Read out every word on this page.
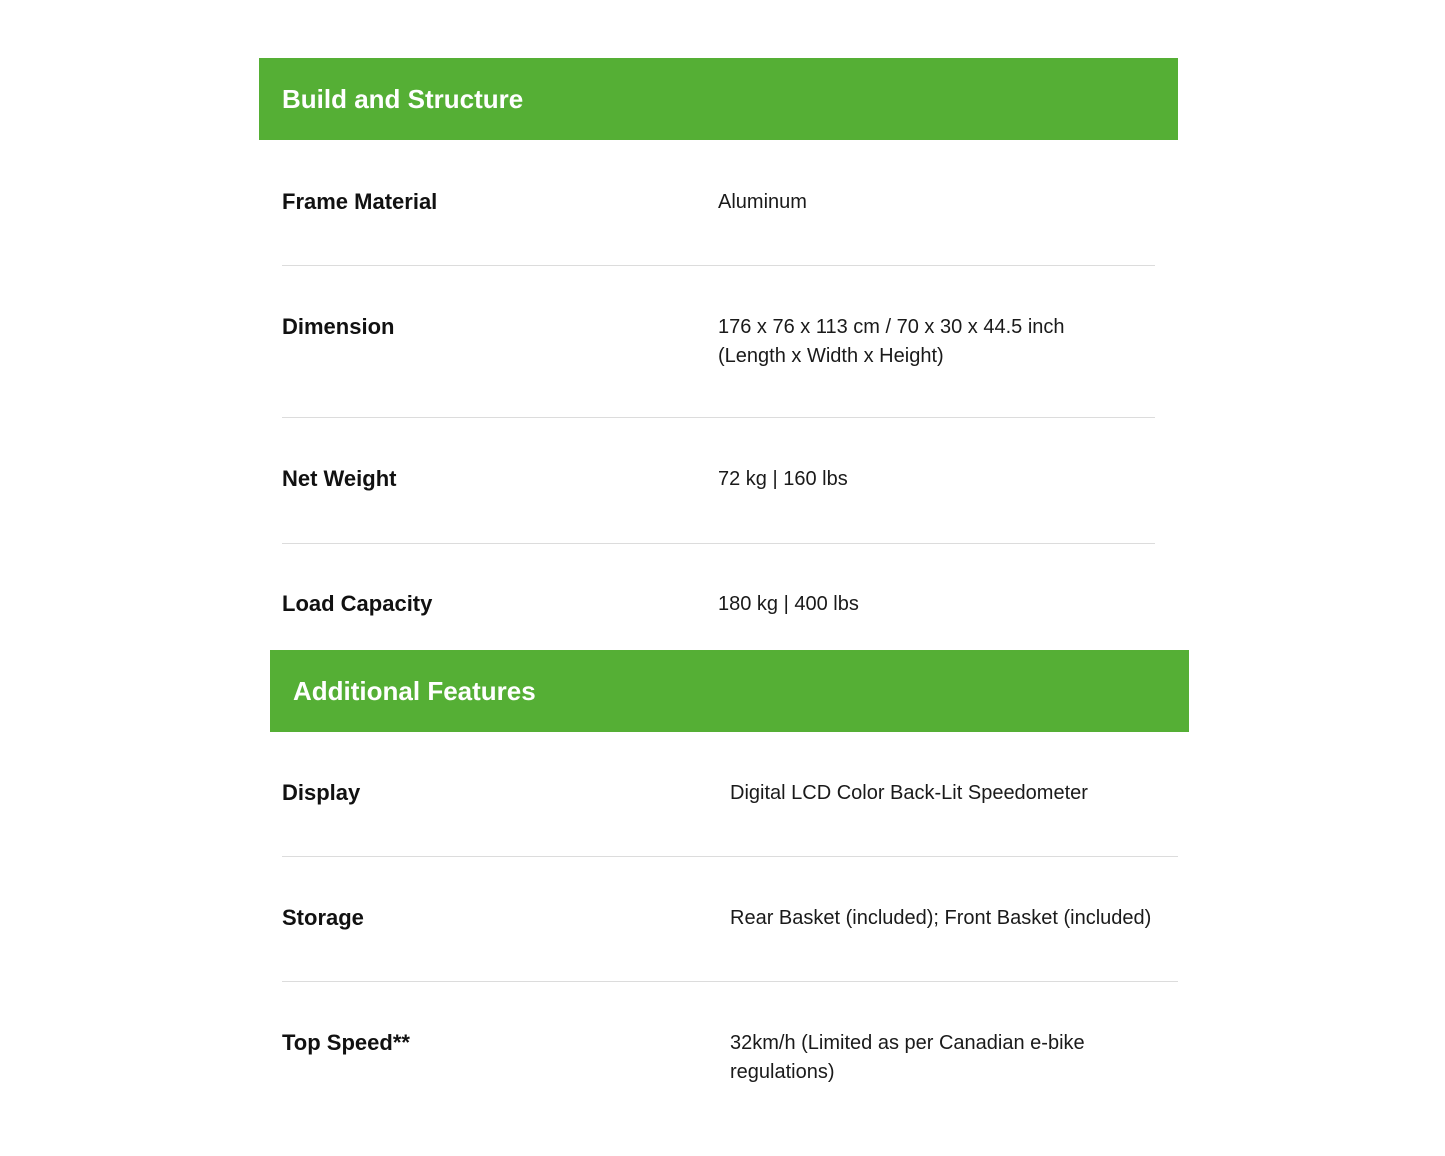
Build and Structure
Frame Material	Aluminum
Dimension	176 x 76 x 113 cm / 70 x 30 x 44.5 inch
(Length x Width x Height)
Net Weight	72 kg | 160 lbs
Load Capacity	180 kg | 400 lbs
Additional Features
Display	Digital LCD Color Back-Lit Speedometer
Storage	Rear Basket (included); Front Basket (included)
Top Speed**	32km/h (Limited as per Canadian e-bike
regulations)
